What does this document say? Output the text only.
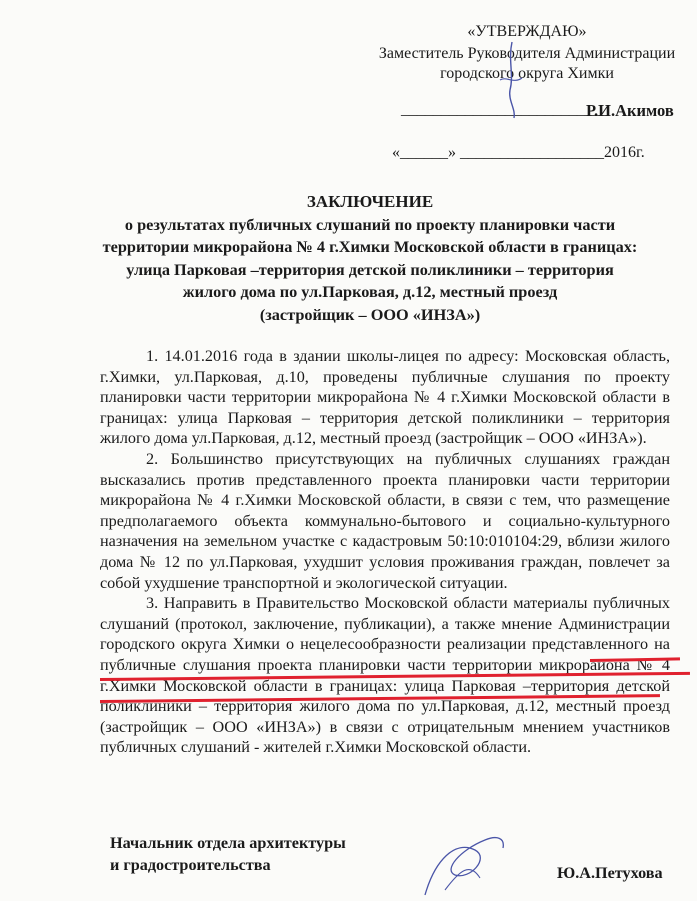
«УТВЕРЖДАЮ»
Заместитель Руководителя Администрации
городского округа Химки
__________________________
Р.И.Акимов
«______» __________________2016г.
ЗАКЛЮЧЕНИЕ
о результатах публичных слушаний по проекту планировки части
территории микрорайона № 4 г.Химки Московской области в границах:
улица Парковая –территория детской поликлиники – территория
жилого дома по ул.Парковая, д.12, местный проезд
(застройщик – ООО «ИНЗА»)

1. 14.01.2016 года в здании школы-лицея по адресу: Московская область, г.Химки, ул.Парковая, д.10, проведены публичные слушания по проекту планировки части территории микрорайона № 4 г.Химки Московской области в границах: улица Парковая – территория детской поликлиники – территория жилого дома ул.Парковая, д.12, местный проезд (застройщик – ООО «ИНЗА»).

2. Большинство присутствующих на публичных слушаниях граждан высказались против представленного проекта планировки части территории микрорайона № 4 г.Химки Московской области, в связи с тем, что размещение предполагаемого объекта коммунально-бытового и социально-культурного назначения на земельном участке с кадастровым 50:10:010104:29, вблизи жилого дома № 12 по ул.Парковая, ухудшит условия проживания граждан, повлечет за собой ухудшение транспортной и экологической ситуации.

3. Направить в Правительство Московской области материалы публичных слушаний (протокол, заключение, публикации), а также мнение Администрации городского округа Химки о нецелесообразности реализации представленного на публичные слушания проекта планировки части территории микрорайона № 4 г.Химки Московской области в границах: улица Парковая –территория детской поликлиники – территория жилого дома по ул.Парковая, д.12, местный проезд (застройщик – ООО «ИНЗА») в связи с отрицательным мнением участников публичных слушаний - жителей г.Химки Московской области.

Начальник отдела архитектуры
и градостроительства	Ю.А.Петухова
